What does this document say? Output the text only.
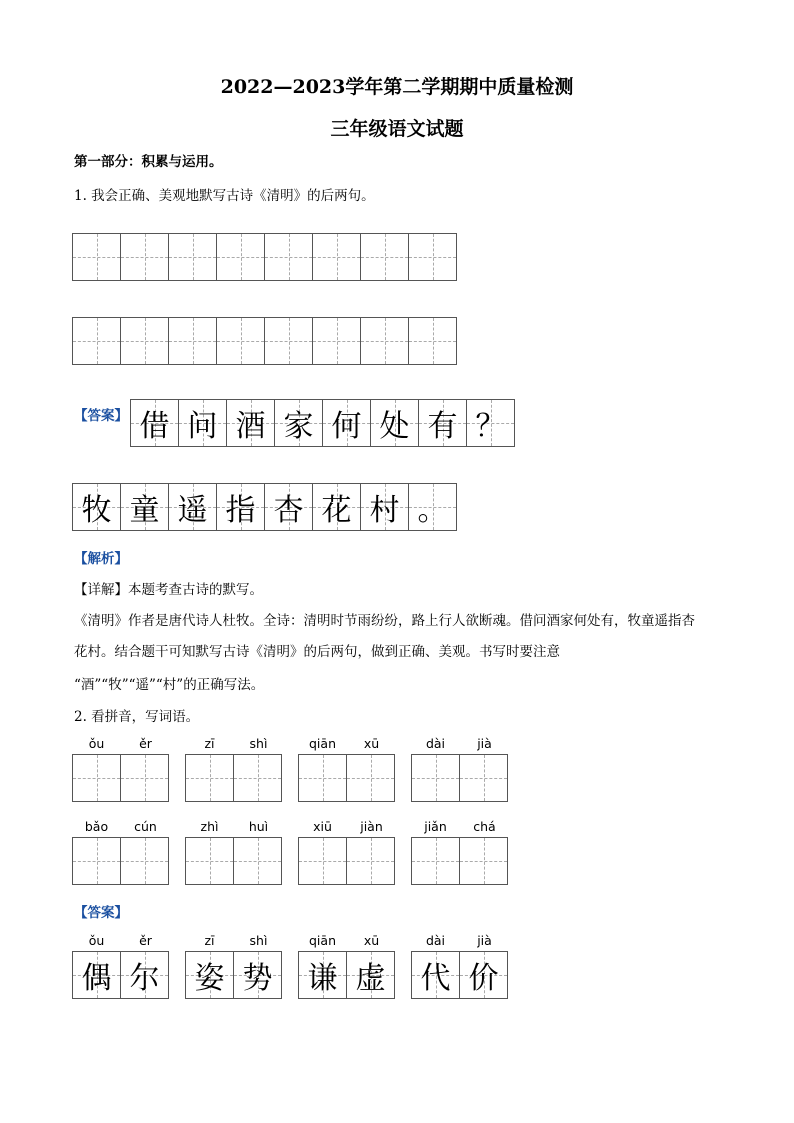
2022—2023学年第二学期期中质量检测
三年级语文试题
第一部分：积累与运用。
1. 我会正确、美观地默写古诗《清明》的后两句。
【答案】 借 问 酒 家 何 处 有 ？
牧 童 遥 指 杏 花 村 。
【解析】
【详解】本题考查古诗的默写。
《清明》作者是唐代诗人杜牧。全诗：清明时节雨纷纷，路上行人欲断魂。借问酒家何处有，牧童遥指杏
花村。结合题干可知默写古诗《清明》的后两句，做到正确、美观。书写时要注意
“酒”“牧”“遥”“村”的正确写法。
2. 看拼音，写词语。
ǒu	ěr	zī	shì	qiān	xū	dài	jià
bǎo	cún	zhì	huì	xiū	jiàn	jiǎn	chá
【答案】
ǒu	ěr
偶 尔
zī	shì
姿 势
qiān	xū
谦 虚
dài	jià
代 价
